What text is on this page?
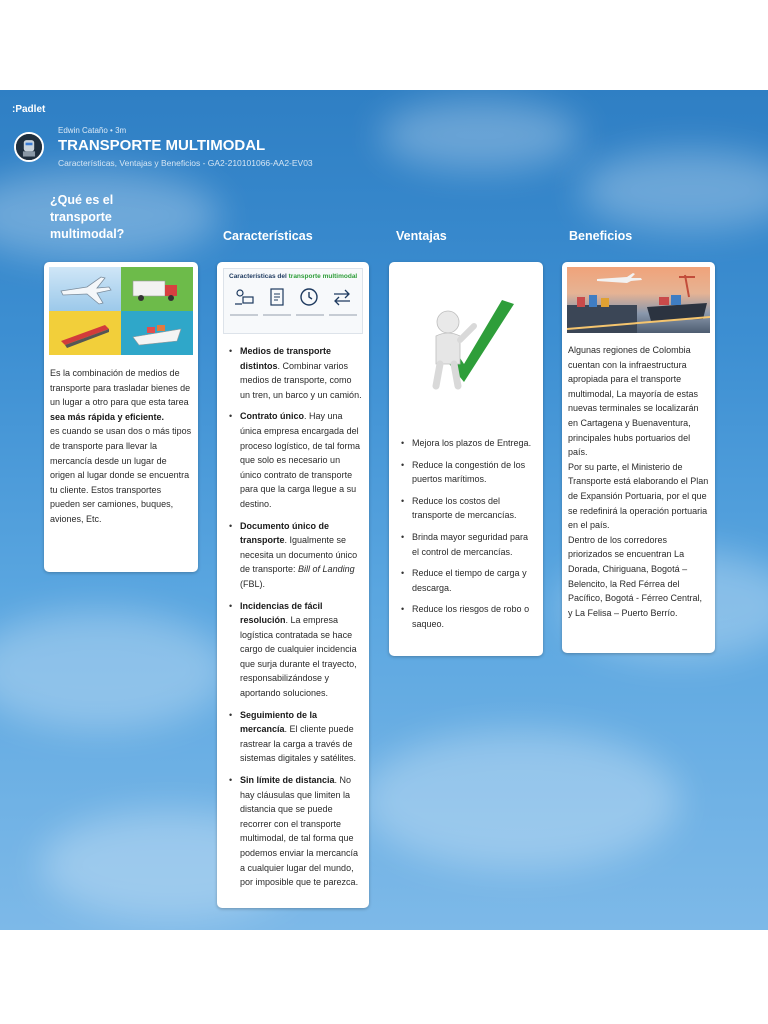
:Padlet
Edwin Cataño • 3m
TRANSPORTE MULTIMODAL
Características, Ventajas y Beneficios - GA2-210101066-AA2-EV03
¿Qué es el transporte multimodal?	Características	Ventajas	Beneficios

Es la combinación de medios de transporte para trasladar bienes de un lugar a otro para que esta tarea sea más rápida y eficiente.

es cuando se usan dos o más tipos de transporte para llevar la mercancía desde un lugar de origen al lugar donde se encuentra tu cliente. Estos transportes pueden ser camiones, buques, aviones, Etc.

Características del transporte multimodal
• Medios de transporte distintos. Combinar varios medios de transporte, como un tren, un barco y un camión.
• Contrato único. Hay una única empresa encargada del proceso logístico, de tal forma que solo es necesario un único contrato de transporte para que la carga llegue a su destino.
• Documento único de transporte. Igualmente se necesita un documento único de transporte: Bill of Landing (FBL).
• Incidencias de fácil resolución. La empresa logística contratada se hace cargo de cualquier incidencia que surja durante el trayecto, responsabilizándose y aportando soluciones.
• Seguimiento de la mercancía. El cliente puede rastrear la carga a través de sistemas digitales y satélites.
• Sin límite de distancia. No hay cláusulas que limiten la distancia que se puede recorrer con el transporte multimodal, de tal forma que podemos enviar la mercancía a cualquier lugar del mundo, por imposible que te parezca.
• Mejora los plazos de Entrega.
• Reduce la congestión de los puertos marítimos.
• Reduce los costos del transporte de mercancías.
• Brinda mayor seguridad para el control de mercancías.
• Reduce el tiempo de carga y descarga.
• Reduce los riesgos de robo o saqueo.

Algunas regiones de Colombia cuentan con la infraestructura apropiada para el transporte multimodal, La mayoría de estas nuevas terminales se localizarán en Cartagena y Buenaventura, principales hubs portuarios del país.

Por su parte, el Ministerio de Transporte está elaborando el Plan de Expansión Portuaria, por el que se redefinirá la operación portuaria en el país.

Dentro de los corredores priorizados se encuentran La Dorada, Chiriguana, Bogotá – Belencito, la Red Férrea del Pacífico, Bogotá - Férreo Central, y La Felisa – Puerto Berrío.
